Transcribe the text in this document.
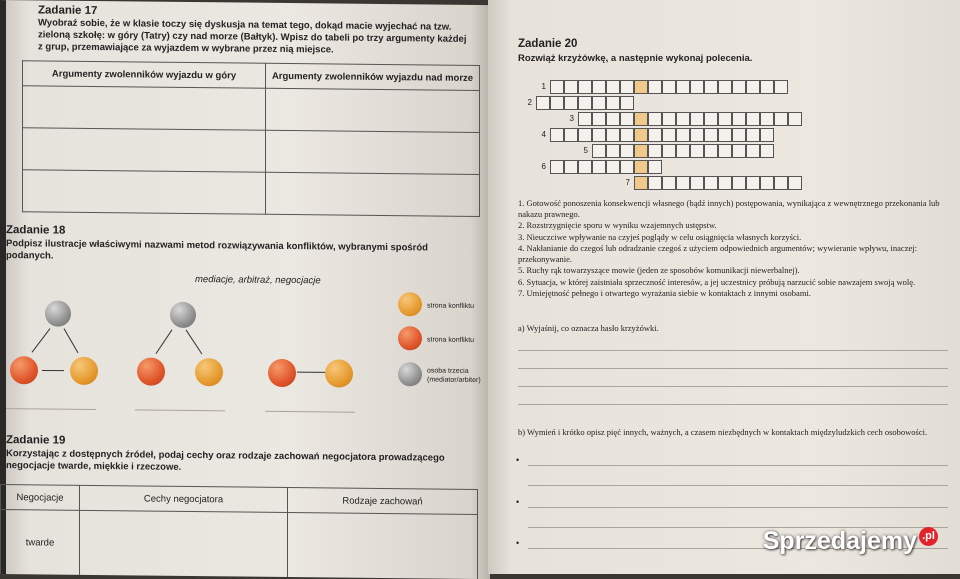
Zadanie 17
Wyobraź sobie, że w klasie toczy się dyskusja na temat tego, dokąd macie wyjechać na tzw. zieloną szkołę: w góry (Tatry) czy nad morze (Bałtyk). Wpisz do tabeli po trzy argumenty każdej z grup, przemawiające za wyjazdem w wybrane przez nią miejsce.
Argumenty zwolenników wyjazdu w góry	Argumenty zwolenników wyjazdu nad morze

Zadanie 18
Podpisz ilustracje właściwymi nazwami metod rozwiązywania konfliktów, wybranymi spośród podanych.
mediacje, arbitraż, negocjacje
strona konfliktu
strona konfliktu
osoba trzecia (mediator/arbiter)
Zadanie 19
Korzystając z dostępnych źródeł, podaj cechy oraz rodzaje zachowań negocjatora prowadzącego negocjacje twarde, miękkie i rzeczowe.
Negocjacje	Cechy negocjatora	Rodzaje zachowań
twarde		
Zadanie 20
Rozwiąż krzyżówkę, a następnie wykonaj polecenia.
1
2
3
4
5
6
7
1. Gotowość ponoszenia konsekwencji własnego (bądź innych) postępowania, wynikająca z wewnętrznego przekonania lub nakazu prawnego.
2. Rozstrzygnięcie sporu w wyniku wzajemnych ustępstw.
3. Nieuczciwe wpływanie na czyjeś poglądy w celu osiągnięcia własnych korzyści.
4. Nakłanianie do czegoś lub odradzanie czegoś z użyciem odpowiednich argumentów; wywieranie wpływu, inaczej: przekonywanie.
5. Ruchy rąk towarzyszące mowie (jeden ze sposobów komunikacji niewerbalnej).
6. Sytuacja, w której zaistniała sprzeczność interesów, a jej uczestnicy próbują narzucić sobie nawzajem swoją wolę.
7. Umiejętność pełnego i otwartego wyrażania siebie w kontaktach z innymi osobami.
a) Wyjaśnij, co oznacza hasło krzyżówki.
b) Wymień i krótko opisz pięć innych, ważnych, a czasem niezbędnych w kontaktach międzyludzkich cech osobowości.
•
•
•	Sprzedajemy .pl
